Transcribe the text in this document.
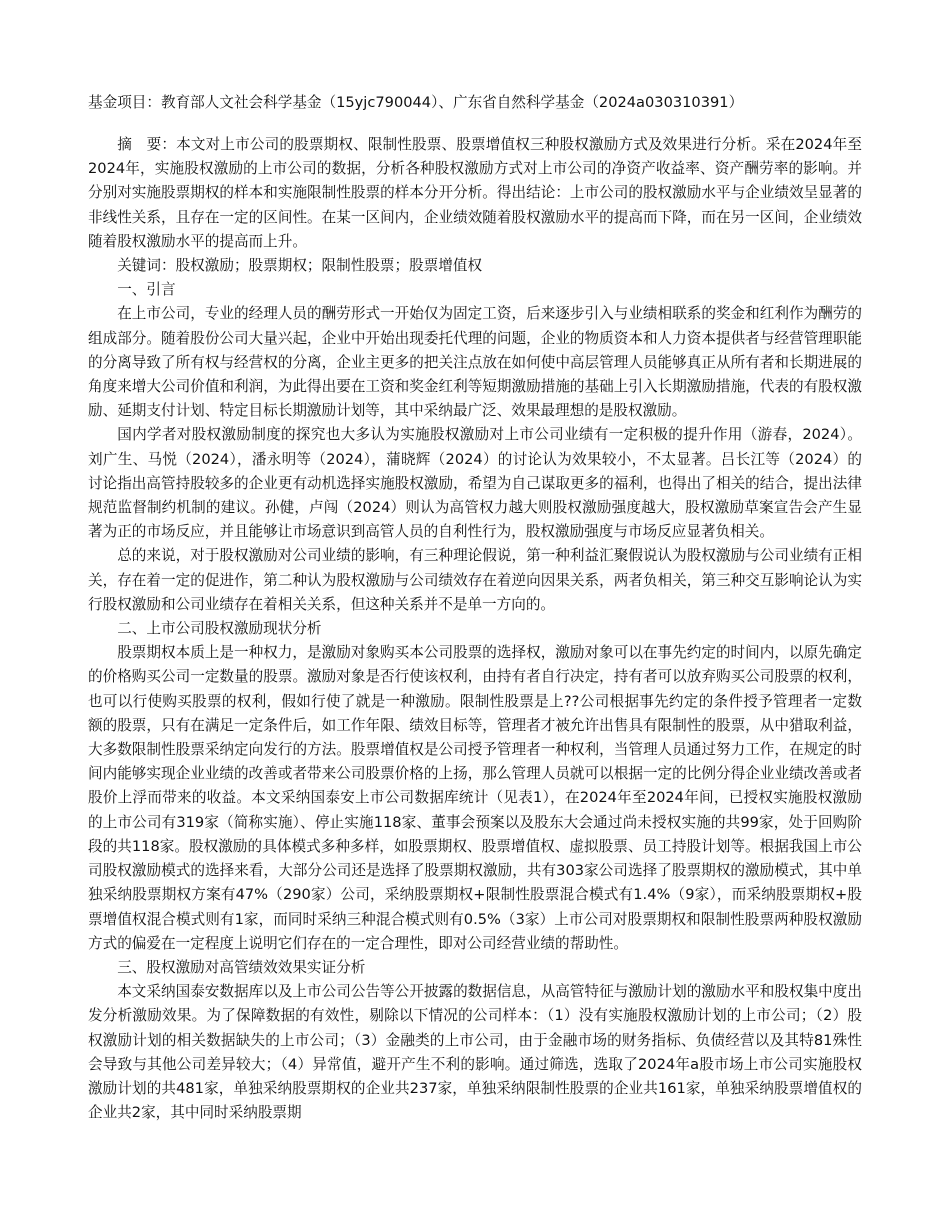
基金项目：教育部人文社会科学基金（15yjc790044）、广东省自然科学基金（2024a030310391）

摘　要：本文对上市公司的股票期权、限制性股票、股票增值权三种股权激励方式及效果进行分析。采在2024年至2024年，实施股权激励的上市公司的数据，分析各种股权激励方式对上市公司的净资产收益率、资产酬劳率的影响。并分别对实施股票期权的样本和实施限制性股票的样本分开分析。得出结论：上市公司的股权激励水平与企业绩效呈显著的非线性关系，且存在一定的区间性。在某一区间内，企业绩效随着股权激励水平的提高而下降，而在另一区间，企业绩效随着股权激励水平的提高而上升。

关键词：股权激励；股票期权；限制性股票；股票增值权

一、引言

在上市公司，专业的经理人员的酬劳形式一开始仅为固定工资，后来逐步引入与业绩相联系的奖金和红利作为酬劳的组成部分。随着股份公司大量兴起，企业中开始出现委托代理的问题，企业的物质资本和人力资本提供者与经营管理职能的分离导致了所有权与经营权的分离，企业主更多的把关注点放在如何使中高层管理人员能够真正从所有者和长期进展的角度来增大公司价值和利润，为此得出要在工资和奖金红利等短期激励措施的基础上引入长期激励措施，代表的有股权激励、延期支付计划、特定目标长期激励计划等，其中采纳最广泛、效果最理想的是股权激励。

国内学者对股权激励制度的探究也大多认为实施股权激励对上市公司业绩有一定积极的提升作用（游春，2024）。刘广生、马悦（2024），潘永明等（2024），蒲晓辉（2024）的讨论认为效果较小，不太显著。吕长江等（2024）的讨论指出高管持股较多的企业更有动机选择实施股权激励，希望为自己谋取更多的福利，也得出了相关的结合，提出法律规范监督制约机制的建议。孙健，卢闯（2024）则认为高管权力越大则股权激励强度越大，股权激励草案宣告会产生显著为正的市场反应，并且能够让市场意识到高管人员的自利性行为，股权激励强度与市场反应显著负相关。

总的来说，对于股权激励对公司业绩的影响，有三种理论假说，第一种利益汇聚假说认为股权激励与公司业绩有正相关，存在着一定的促进作，第二种认为股权激励与公司绩效存在着逆向因果关系，两者负相关，第三种交互影响论认为实行股权激励和公司业绩存在着相关关系，但这种关系并不是单一方向的。

二、上市公司股权激励现状分析

股票期权本质上是一种权力，是激励对象购买本公司股票的选择权，激励对象可以在事先约定的时间内，以原先确定的价格购买公司一定数量的股票。激励对象是否行使该权利，由持有者自行决定，持有者可以放弃购买公司股票的权利，也可以行使购买股票的权利，假如行使了就是一种激励。限制性股票是上??公司根据事先约定的条件授予管理者一定数额的股票，只有在满足一定条件后，如工作年限、绩效目标等，管理者才被允许出售具有限制性的股票，从中猎取利益，大多数限制性股票采纳定向发行的方法。股票增值权是公司授予管理者一种权利，当管理人员通过努力工作，在规定的时间内能够实现企业业绩的改善或者带来公司股票价格的上扬，那么管理人员就可以根据一定的比例分得企业业绩改善或者股价上浮而带来的收益。本文采纳国泰安上市公司数据库统计（见表1），在2024年至2024年间，已授权实施股权激励的上市公司有319家（简称实施）、停止实施118家、董事会预案以及股东大会通过尚未授权实施的共99家，处于回购阶段的共118家。股权激励的具体模式多种多样，如股票期权、股票增值权、虚拟股票、员工持股计划等。根据我国上市公司股权激励模式的选择来看，大部分公司还是选择了股票期权激励，共有303家公司选择了股票期权的激励模式，其中单独采纳股票期权方案有47%（290家）公司，采纳股票期权+限制性股票混合模式有1.4%（9家），而采纳股票期权+股票增值权混合模式则有1家，而同时采纳三种混合模式则有0.5%（3家）上市公司对股票期权和限制性股票两种股权激励方式的偏爱在一定程度上说明它们存在的一定合理性，即对公司经营业绩的帮助性。

三、股权激励对高管绩效效果实证分析

本文采纳国泰安数据库以及上市公司公告等公开披露的数据信息，从高管特征与激励计划的激励水平和股权集中度出发分析激励效果。为了保障数据的有效性，剔除以下情况的公司样本：（1）没有实施股权激励计划的上市公司；（2）股权激励计划的相关数据缺失的上市公司；（3）金融类的上市公司，由于金融市场的财务指标、负债经营以及其特81殊性会导致与其他公司差异较大；（4）异常值，避开产生不利的影响。通过筛选，选取了2024年a股市场上市公司实施股权激励计划的共481家，单独采纳股票期权的企业共237家，单独采纳限制性股票的企业共161家，单独采纳股票增值权的企业共2家，其中同时采纳股票期
